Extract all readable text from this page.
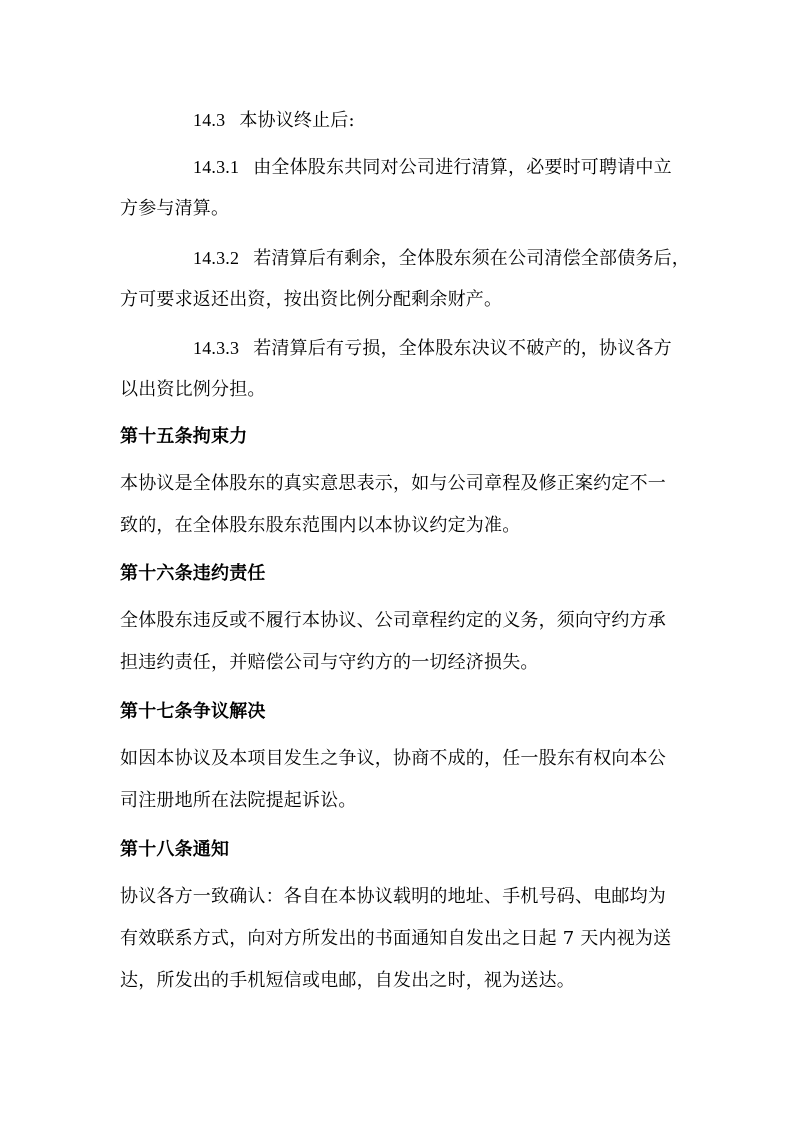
14.3 本协议终止后:
14.3.1 由全体股东共同对公司进行清算，必要时可聘请中立
方参与清算。
14.3.2 若清算后有剩余，全体股东须在公司清偿全部债务后，
方可要求返还出资，按出资比例分配剩余财产。
14.3.3 若清算后有亏损，全体股东决议不破产的，协议各方
以出资比例分担。
第十五条拘束力
本协议是全体股东的真实意思表示，如与公司章程及修正案约定不一
致的，在全体股东股东范围内以本协议约定为准。
第十六条违约责任
全体股东违反或不履行本协议、公司章程约定的义务，须向守约方承
担违约责任，并赔偿公司与守约方的一切经济损失。
第十七条争议解决
如因本协议及本项目发生之争议，协商不成的，任一股东有权向本公
司注册地所在法院提起诉讼。
第十八条通知
协议各方一致确认：各自在本协议载明的地址、手机号码、电邮均为
有效联系方式，向对方所发出的书面通知自发出之日起 7 天内视为送
达，所发出的手机短信或电邮，自发出之时，视为送达。
